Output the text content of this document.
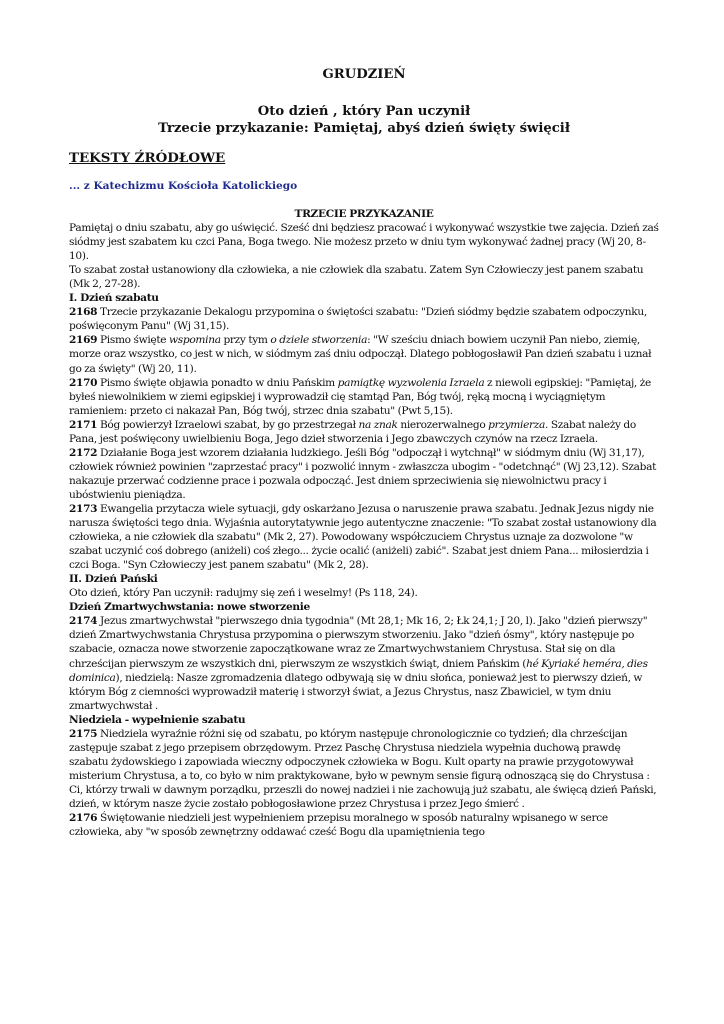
GRUDZIEŃ
Oto dzień , który Pan uczynił
Trzecie przykazanie: Pamiętaj, abyś dzień święty święcił
TEKSTY ŹRÓDŁOWE
... z Katechizmu Kościoła Katolickiego

TRZECIE PRZYKAZANIE

Pamiętaj o dniu szabatu, aby go uświęcić. Sześć dni będziesz pracować i wykonywać wszystkie twe zajęcia. Dzień zaś siódmy jest szabatem ku czci Pana, Boga twego. Nie możesz przeto w dniu tym wykonywać żadnej pracy (Wj 20, 8-10).

To szabat został ustanowiony dla człowieka, a nie człowiek dla szabatu. Zatem Syn Człowieczy jest panem szabatu (Mk 2, 27-28).

I. Dzień szabatu

2168 Trzecie przykazanie Dekalogu przypomina o świętości szabatu: "Dzień siódmy będzie szabatem odpoczynku, poświęconym Panu" (Wj 31,15).

2169 Pismo święte wspomina przy tym o dziele stworzenia: "W sześciu dniach bowiem uczynił Pan niebo, ziemię, morze oraz wszystko, co jest w nich, w siódmym zaś dniu odpoczął. Dlatego pobłogosławił Pan dzień szabatu i uznał go za święty" (Wj 20, 11).

2170 Pismo święte objawia ponadto w dniu Pańskim pamiątkę wyzwolenia Izraela z niewoli egipskiej: "Pamiętaj, że byłeś niewolnikiem w ziemi egipskiej i wyprowadził cię stamtąd Pan, Bóg twój, ręką mocną i wyciągniętym ramieniem: przeto ci nakazał Pan, Bóg twój, strzec dnia szabatu" (Pwt 5,15).

2171 Bóg powierzył Izraelowi szabat, by go przestrzegał na znak nierozerwalnego przymierza. Szabat należy do Pana, jest poświęcony uwielbieniu Boga, Jego dzieł stworzenia i Jego zbawczych czynów na rzecz Izraela.

2172 Działanie Boga jest wzorem działania ludzkiego. Jeśli Bóg "odpoczął i wytchnął" w siódmym dniu (Wj 31,17), człowiek również powinien "zaprzestać pracy" i pozwolić innym - zwłaszcza ubogim - "odetchnąć" (Wj 23,12). Szabat nakazuje przerwać codzienne prace i pozwala odpocząć. Jest dniem sprzeciwienia się niewolnictwu pracy i ubóstwieniu pieniądza.

2173 Ewangelia przytacza wiele sytuacji, gdy oskarżano Jezusa o naruszenie prawa szabatu. Jednak Jezus nigdy nie narusza świętości tego dnia. Wyjaśnia autorytatywnie jego autentyczne znaczenie: "To szabat został ustanowiony dla człowieka, a nie człowiek dla szabatu" (Mk 2, 27). Powodowany współczuciem Chrystus uznaje za dozwolone "w szabat uczynić coś dobrego (aniżeli) coś złego... życie ocalić (aniżeli) zabić". Szabat jest dniem Pana... miłosierdzia i czci Boga. "Syn Człowieczy jest panem szabatu" (Mk 2, 28).

II. Dzień Pański

Oto dzień, który Pan uczynił: radujmy się zeń i weselmy! (Ps 118, 24).

Dzień Zmartwychwstania: nowe stworzenie

2174 Jezus zmartwychwstał "pierwszego dnia tygodnia" (Mt 28,1; Mk 16, 2; Łk 24,1; J 20, l). Jako "dzień pierwszy" dzień Zmartwychwstania Chrystusa przypomina o pierwszym stworzeniu. Jako "dzień ósmy", który następuje po szabacie, oznacza nowe stworzenie zapoczątkowane wraz ze Zmartwychwstaniem Chrystusa. Stał się on dla chrześcijan pierwszym ze wszystkich dni, pierwszym ze wszystkich świąt, dniem Pańskim (hé Kyriaké heméra, dies dominica), niedzielą: Nasze zgromadzenia dlatego odbywają się w dniu słońca, ponieważ jest to pierwszy dzień, w którym Bóg z ciemności wyprowadził materię i stworzył świat, a Jezus Chrystus, nasz Zbawiciel, w tym dniu zmartwychwstał .

Niedziela - wypełnienie szabatu

2175 Niedziela wyraźnie różni się od szabatu, po którym następuje chronologicznie co tydzień; dla chrześcijan zastępuje szabat z jego przepisem obrzędowym. Przez Paschę Chrystusa niedziela wypełnia duchową prawdę szabatu żydowskiego i zapowiada wieczny odpoczynek człowieka w Bogu. Kult oparty na prawie przygotowywał misterium Chrystusa, a to, co było w nim praktykowane, było w pewnym sensie figurą odnoszącą się do Chrystusa :

Ci, którzy trwali w dawnym porządku, przeszli do nowej nadziei i nie zachowują już szabatu, ale święcą dzień Pański, dzień, w którym nasze życie zostało pobłogosławione przez Chrystusa i przez Jego śmierć .

2176 Świętowanie niedzieli jest wypełnieniem przepisu moralnego w sposób naturalny wpisanego w serce człowieka, aby "w sposób zewnętrzny oddawać cześć Bogu dla upamiętnienia tego
